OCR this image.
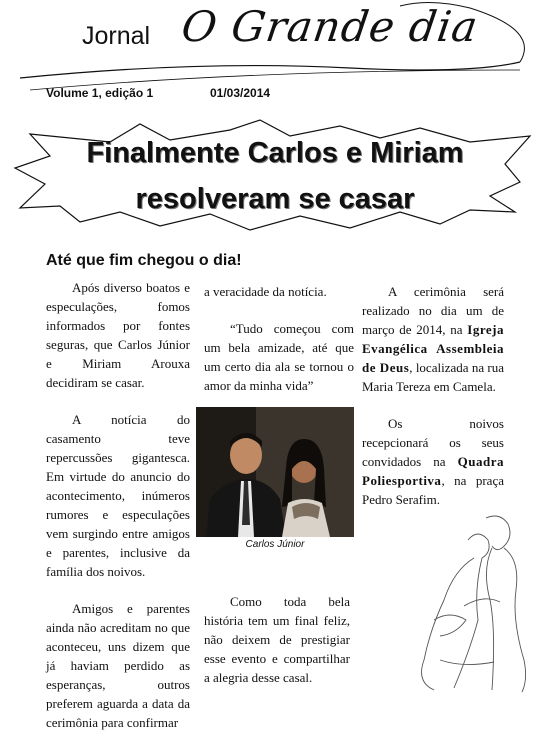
Jornal O Grande dia
Volume 1, edição 1	01/03/2014
Finalmente Carlos e Miriam
resolveram se casar
Até que fim chegou o dia!

Após diverso boatos e especulações, fomos informados por fontes seguras, que Carlos Júnior e Miriam Arouxa decidiram se casar.

A notícia do casamento teve repercussões gigantesca. Em virtude do anuncio do acontecimento, inúmeros rumores e especulações vem surgindo entre amigos e parentes, inclusive da família dos noivos.

Amigos e parentes ainda não acreditam no que aconteceu, uns dizem que já haviam perdido as esperanças, outros preferem aguarda a data da cerimônia para confirmar

a veracidade da notícia.

“Tudo começou com um bela amizade, até que um certo dia ala se tornou o amor da minha vida”

Carlos Júnior

Como toda bela história tem um final feliz, não deixem de prestigiar esse evento e compartilhar a alegria desse casal.

A cerimônia será realizado no dia um de março de 2014, na Igreja Evangélica Assembleia de Deus, localizada na rua Maria Tereza em Camela.

Os noivos recepcionará os seus convidados na Quadra Poliesportiva, na praça Pedro Serafim.
